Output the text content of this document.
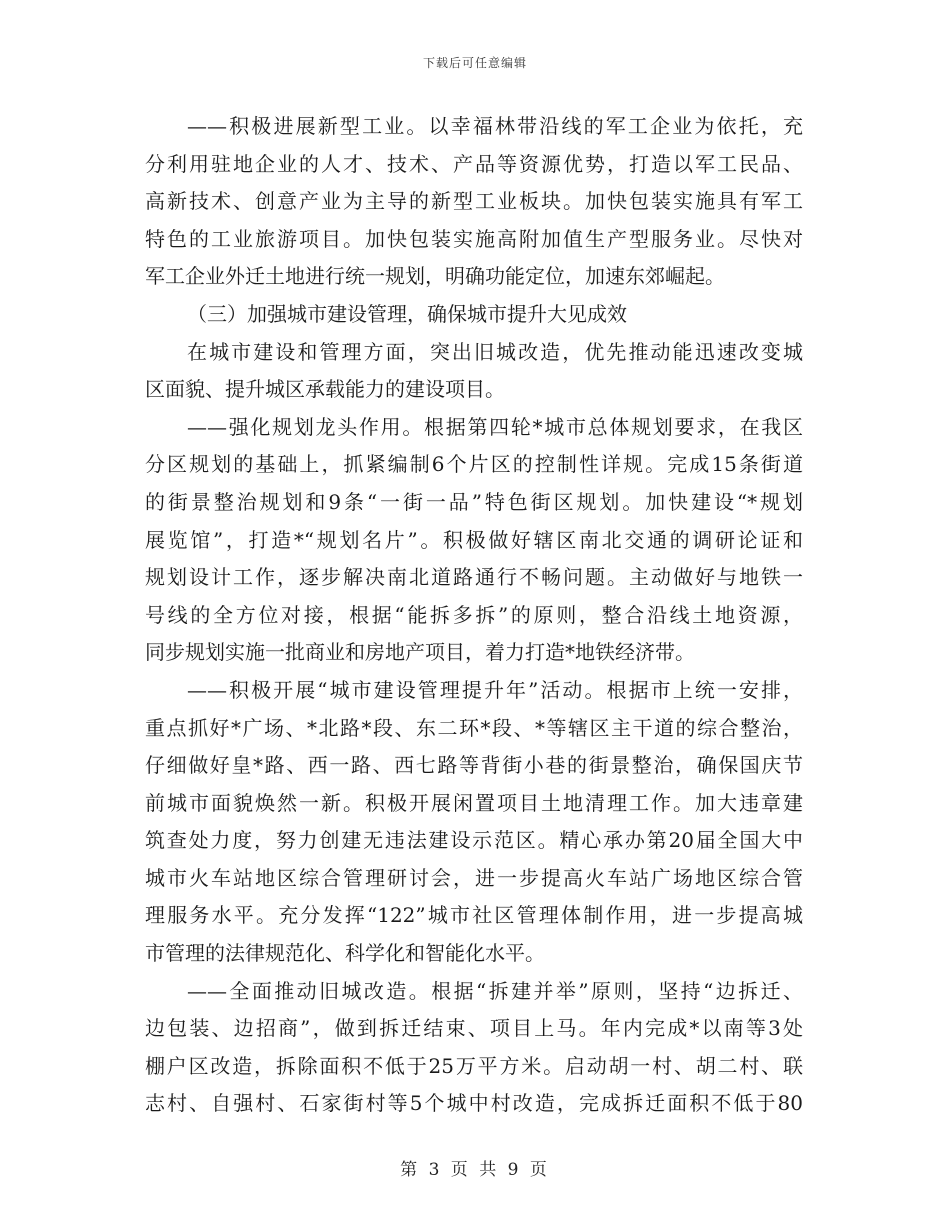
下载后可任意编辑
——积极进展新型工业。以幸福林带沿线的军工企业为依托，充
分利用驻地企业的人才、技术、产品等资源优势，打造以军工民品、
高新技术、创意产业为主导的新型工业板块。加快包装实施具有军工
特色的工业旅游项目。加快包装实施高附加值生产型服务业。尽快对
军工企业外迁土地进行统一规划，明确功能定位，加速东郊崛起。
（三）加强城市建设管理，确保城市提升大见成效
在城市建设和管理方面，突出旧城改造，优先推动能迅速改变城
区面貌、提升城区承载能力的建设项目。
——强化规划龙头作用。根据第四轮*城市总体规划要求，在我区
分区规划的基础上，抓紧编制6个片区的控制性详规。完成15条街道
的街景整治规划和9条“一街一品”特色街区规划。加快建设“*规划
展览馆”，打造*“规划名片”。积极做好辖区南北交通的调研论证和
规划设计工作，逐步解决南北道路通行不畅问题。主动做好与地铁一
号线的全方位对接，根据“能拆多拆”的原则，整合沿线土地资源，
同步规划实施一批商业和房地产项目，着力打造*地铁经济带。
——积极开展“城市建设管理提升年”活动。根据市上统一安排，
重点抓好*广场、*北路*段、东二环*段、*等辖区主干道的综合整治，
仔细做好皇*路、西一路、西七路等背街小巷的街景整治，确保国庆节
前城市面貌焕然一新。积极开展闲置项目土地清理工作。加大违章建
筑查处力度，努力创建无违法建设示范区。精心承办第20届全国大中
城市火车站地区综合管理研讨会，进一步提高火车站广场地区综合管
理服务水平。充分发挥“122”城市社区管理体制作用，进一步提高城
市管理的法律规范化、科学化和智能化水平。
——全面推动旧城改造。根据“拆建并举”原则，坚持“边拆迁、
边包装、边招商”，做到拆迁结束、项目上马。年内完成*以南等3处
棚户区改造，拆除面积不低于25万平方米。启动胡一村、胡二村、联
志村、自强村、石家街村等5个城中村改造，完成拆迁面积不低于80
第 3 页 共 9 页
